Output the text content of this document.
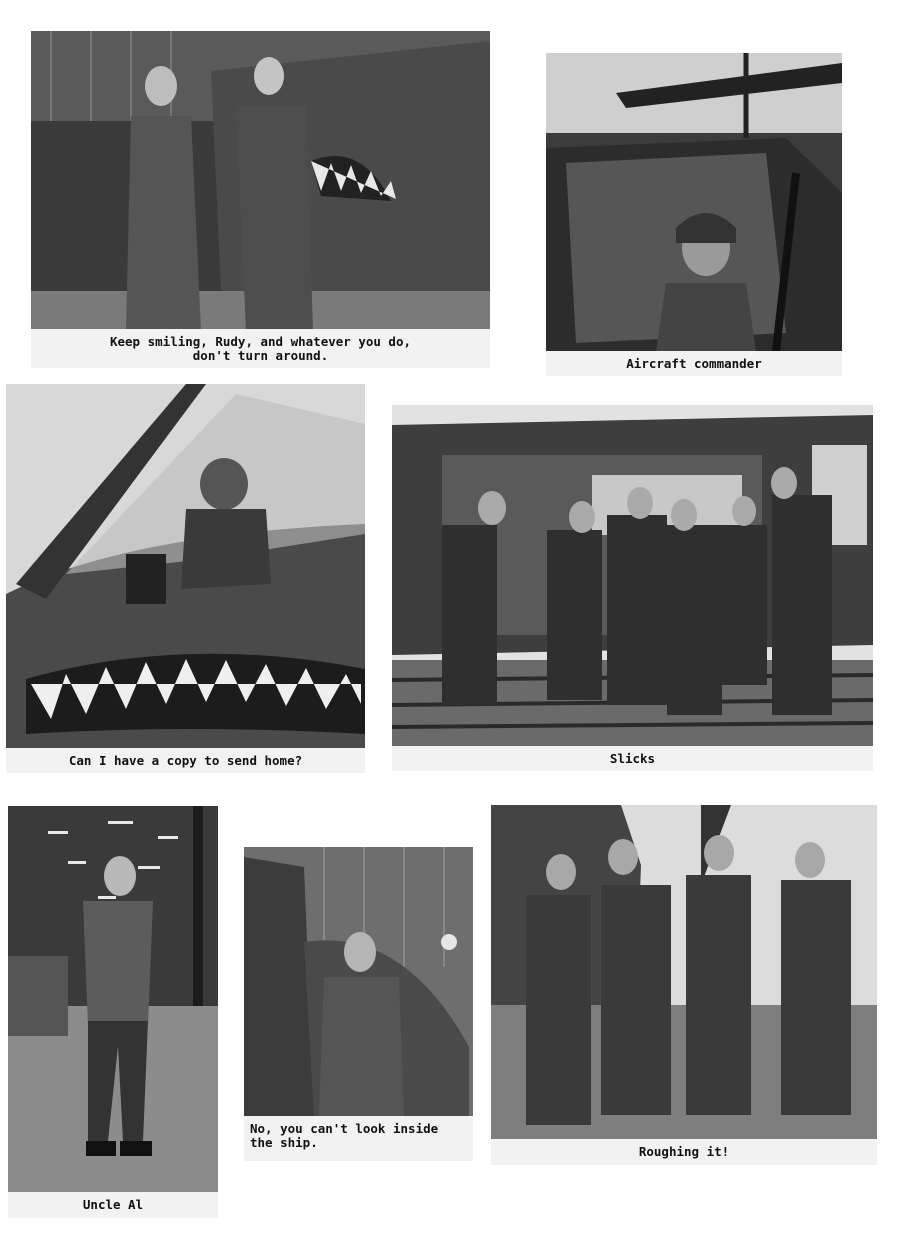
Keep smiling, Rudy, and whatever you do,
don't turn around.
Aircraft commander
Can I have a copy to send home?	Slicks
Uncle Al
No, you can't look inside
the ship.
Roughing it!
